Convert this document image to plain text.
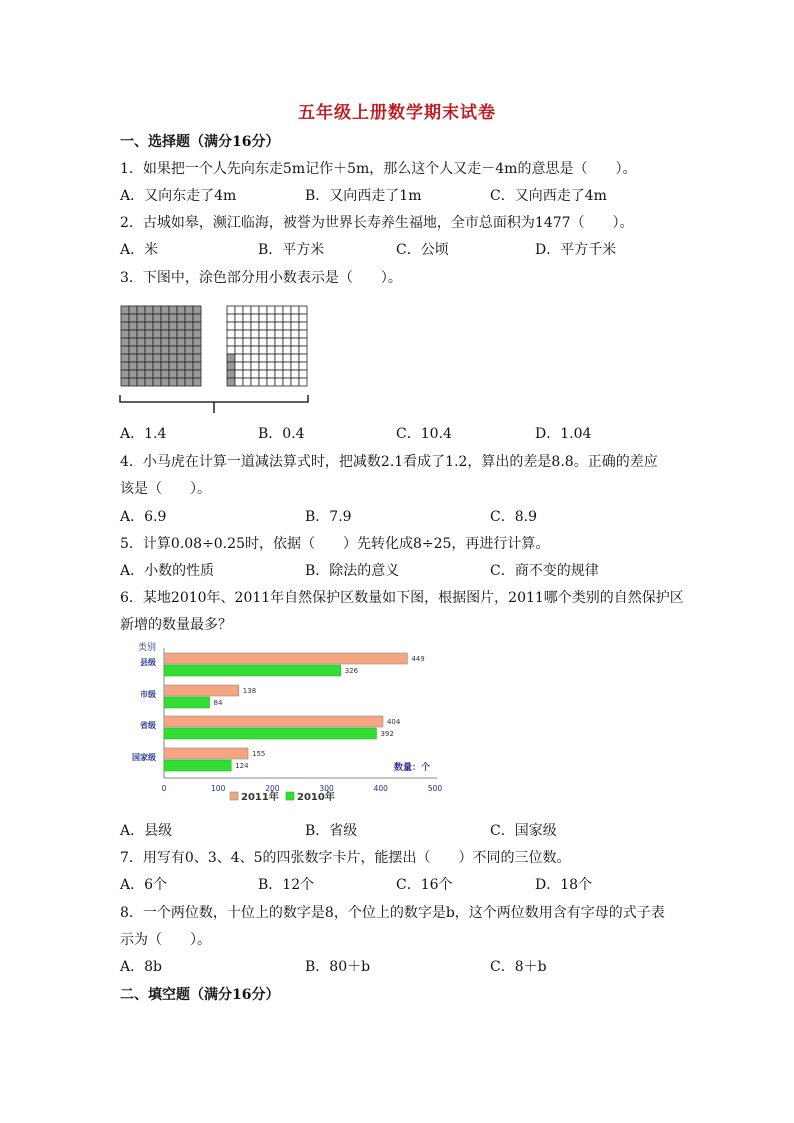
五年级上册数学期末试卷
一、选择题（满分16分）
1．如果把一个人先向东走5m记作＋5m，那么这个人又走－4m的意思是（　　）。
A．又向东走了4m	B．又向西走了1m	C．又向西走了4m
2．古城如皋，濒江临海，被誉为世界长寿养生福地，全市总面积为1477（　　）。
A．米	B．平方米	C．公顷	D．平方千米
3．下图中，涂色部分用小数表示是（　　）。
A．1.4	B．0.4	C．10.4	D．1.04
4．小马虎在计算一道减法算式时，把减数2.1看成了1.2，算出的差是8.8。正确的差应
该是（　　）。
A．6.9	B．7.9	C．8.9
5．计算0.08÷0.25时，依据（　　）先转化成8÷25，再进行计算。
A．小数的性质	B．除法的意义	C．商不变的规律
6．某地2010年、2011年自然保护区数量如下图，根据图片，2011哪个类别的自然保护区
新增的数量最多？
类别
数量：个
0	100	200	300	400	500
县级	449
326
市级	138
84
省级	404
392
国家级	155
124
2011年 2010年
A．县级	B．省级	C．国家级
7．用写有0、3、4、5的四张数字卡片，能摆出（　　）不同的三位数。
A．6个	B．12个	C．16个	D．18个
8．一个两位数，十位上的数字是8，个位上的数字是b，这个两位数用含有字母的式子表
示为（　　）。
A．8b	B．80＋b	C．8＋b
二、填空题（满分16分）
